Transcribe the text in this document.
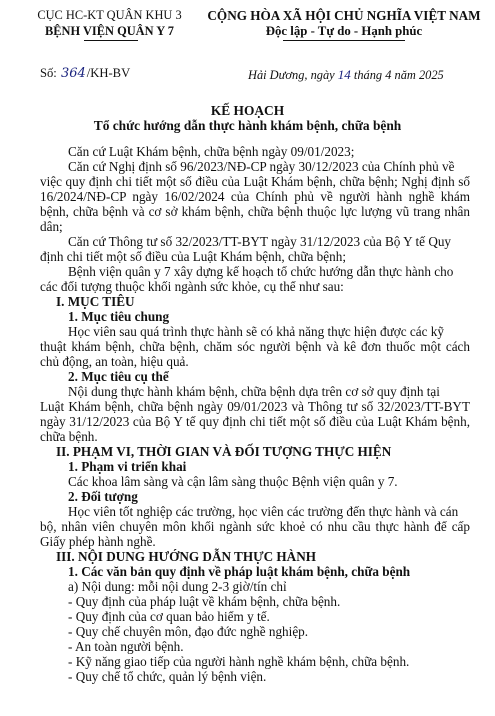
CỤC HC-KT QUÂN KHU 3
BỆNH VIỆN QUÂN Y 7
CỘNG HÒA XÃ HỘI CHỦ NGHĨA VIỆT NAM
Độc lập - Tự do - Hạnh phúc
Số: 364/KH-BV	Hải Dương, ngày 14 tháng 4 năm 2025
KẾ HOẠCH
Tổ chức hướng dẫn thực hành khám bệnh, chữa bệnh
Căn cứ Luật Khám bệnh, chữa bệnh ngày 09/01/2023;
Căn cứ Nghị định số 96/2023/NĐ-CP ngày 30/12/2023 của Chính phủ về
việc quy định chi tiết một số điều của Luật Khám bệnh, chữa bệnh; Nghị định số
16/2024/NĐ-CP ngày 16/02/2024 của Chính phủ về người hành nghề khám
bệnh, chữa bệnh và cơ sở khám bệnh, chữa bệnh thuộc lực lượng vũ trang nhân
dân;
Căn cứ Thông tư số 32/2023/TT-BYT ngày 31/12/2023 của Bộ Y tế Quy
định chi tiết một số điều của Luật Khám bệnh, chữa bệnh;
Bệnh viện quân y 7 xây dựng kế hoạch tổ chức hướng dẫn thực hành cho
các đối tượng thuộc khối ngành sức khỏe, cụ thể như sau:
I. MỤC TIÊU
1. Mục tiêu chung
Học viên sau quá trình thực hành sẽ có khả năng thực hiện được các kỹ
thuật khám bệnh, chữa bệnh, chăm sóc người bệnh và kê đơn thuốc một cách
chủ động, an toàn, hiệu quả.
2. Mục tiêu cụ thể
Nội dung thực hành khám bệnh, chữa bệnh dựa trên cơ sở quy định tại
Luật Khám bệnh, chữa bệnh ngày 09/01/2023 và Thông tư số 32/2023/TT-BYT
ngày 31/12/2023 của Bộ Y tế quy định chi tiết một số điều của Luật Khám bệnh,
chữa bệnh.
II. PHẠM VI, THỜI GIAN VÀ ĐỐI TƯỢNG THỰC HIỆN
1. Phạm vi triển khai
Các khoa lâm sàng và cận lâm sàng thuộc Bệnh viện quân y 7.
2. Đối tượng
Học viên tốt nghiệp các trường, học viên các trường đến thực hành và cán
bộ, nhân viên chuyên môn khối ngành sức khoẻ có nhu cầu thực hành để cấp
Giấy phép hành nghề.
III. NỘI DUNG HƯỚNG DẪN THỰC HÀNH
1. Các văn bản quy định về pháp luật khám bệnh, chữa bệnh
a) Nội dung: mỗi nội dung 2-3 giờ/tín chỉ
- Quy định của pháp luật về khám bệnh, chữa bệnh.
- Quy định của cơ quan bảo hiểm y tế.
- Quy chế chuyên môn, đạo đức nghề nghiệp.
- An toàn người bệnh.
- Kỹ năng giao tiếp của người hành nghề khám bệnh, chữa bệnh.
- Quy chế tổ chức, quản lý bệnh viện.
